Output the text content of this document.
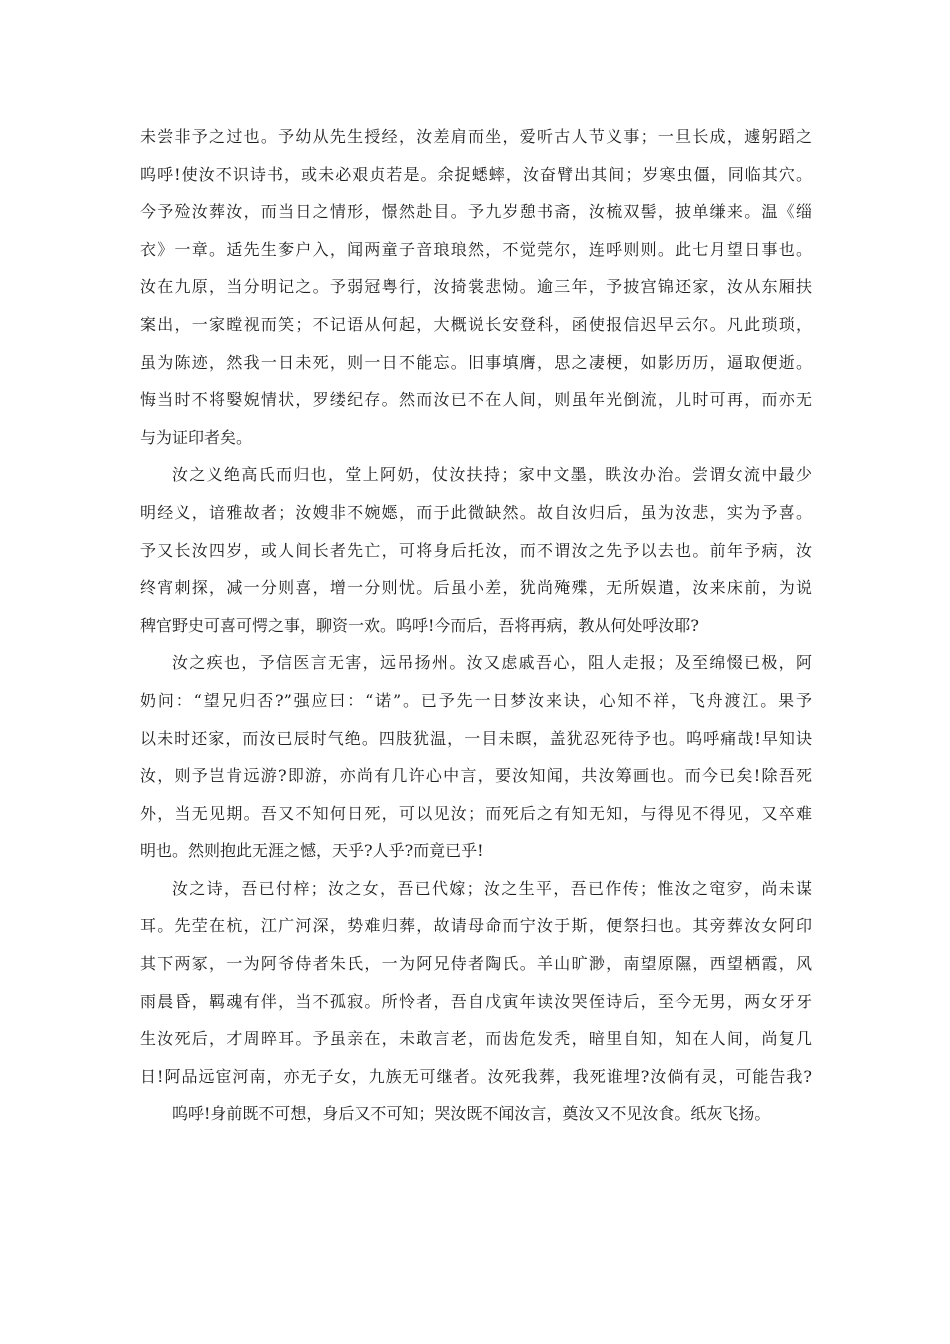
未尝非予之过也。予幼从先生授经，汝差肩而坐，爱听古人节义事；一旦长成，遽躬蹈之
呜呼!使汝不识诗书，或未必艰贞若是。余捉蟋蟀，汝奋臂出其间；岁寒虫僵，同临其穴。
今予殓汝葬汝，而当日之情形，憬然赴目。予九岁憩书斋，汝梳双髻，披单缣来。温《缁
衣》一章。适先生奓户入，闻两童子音琅琅然，不觉莞尔，连呼则则。此七月望日事也。
汝在九原，当分明记之。予弱冠粤行，汝掎裳悲恸。逾三年，予披宫锦还家，汝从东厢扶
案出，一家瞠视而笑；不记语从何起，大概说长安登科，函使报信迟早云尔。凡此琐琐，
虽为陈迹，然我一日未死，则一日不能忘。旧事填膺，思之凄梗，如影历历，逼取便逝。
悔当时不将嫛婗情状，罗缕纪存。然而汝已不在人间，则虽年光倒流，儿时可再，而亦无
与为证印者矣。
汝之义绝高氏而归也，堂上阿奶，仗汝扶持；家中文墨，眣汝办治。尝谓女流中最少
明经义，谙雅故者；汝嫂非不婉嫕，而于此微缺然。故自汝归后，虽为汝悲，实为予喜。
予又长汝四岁，或人间长者先亡，可将身后托汝，而不谓汝之先予以去也。前年予病，汝
终宵刺探，减一分则喜，增一分则忧。后虽小差，犹尚殗殜，无所娱遣，汝来床前，为说
稗官野史可喜可愕之事，聊资一欢。呜呼!今而后，吾将再病，教从何处呼汝耶?
汝之疾也，予信医言无害，远吊扬州。汝又虑戚吾心，阻人走报；及至绵惙已极，阿
奶问：“望兄归否?”强应曰：“诺”。已予先一日梦汝来诀，心知不祥，飞舟渡江。果予
以未时还家，而汝已辰时气绝。四肢犹温，一目未瞑，盖犹忍死待予也。呜呼痛哉!早知诀
汝，则予岂肯远游?即游，亦尚有几许心中言，要汝知闻，共汝筹画也。而今已矣!除吾死
外，当无见期。吾又不知何日死，可以见汝；而死后之有知无知，与得见不得见，又卒难
明也。然则抱此无涯之憾，天乎?人乎?而竟已乎!
汝之诗，吾已付梓；汝之女，吾已代嫁；汝之生平，吾已作传；惟汝之窀穸，尚未谋
耳。先茔在杭，江广河深，势难归葬，故请母命而宁汝于斯，便祭扫也。其旁葬汝女阿印
其下两冢，一为阿爷侍者朱氏，一为阿兄侍者陶氏。羊山旷渺，南望原隰，西望栖霞，风
雨晨昏，羁魂有伴，当不孤寂。所怜者，吾自戊寅年读汝哭侄诗后，至今无男，两女牙牙
生汝死后，才周晬耳。予虽亲在，未敢言老，而齿危发秃，暗里自知，知在人间，尚复几
日!阿品远宦河南，亦无子女，九族无可继者。汝死我葬，我死谁埋?汝倘有灵，可能告我?
呜呼!身前既不可想，身后又不可知；哭汝既不闻汝言，奠汝又不见汝食。纸灰飞扬。
